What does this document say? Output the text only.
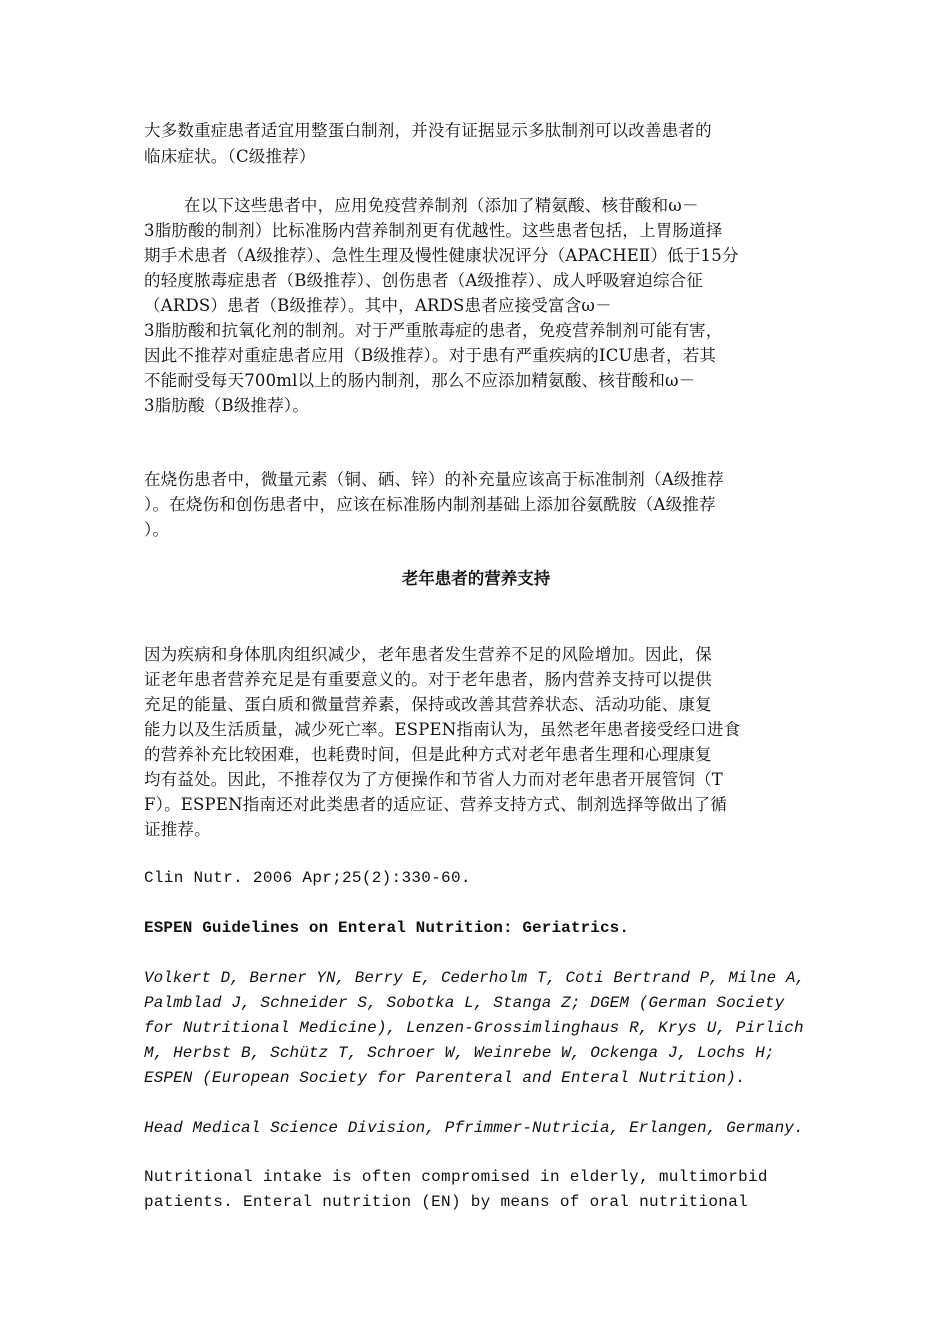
大多数重症患者适宜用整蛋白制剂，并没有证据显示多肽制剂可以改善患者的
临床症状。（C级推荐）
在以下这些患者中，应用免疫营养制剂（添加了精氨酸、核苷酸和ω－
3脂肪酸的制剂）比标准肠内营养制剂更有优越性。这些患者包括，上胃肠道择
期手术患者（A级推荐）、急性生理及慢性健康状况评分（APACHEⅡ）低于15分
的轻度脓毒症患者（B级推荐）、创伤患者（A级推荐）、成人呼吸窘迫综合征
（ARDS）患者（B级推荐）。其中，ARDS患者应接受富含ω－
3脂肪酸和抗氧化剂的制剂。对于严重脓毒症的患者，免疫营养制剂可能有害，
因此不推荐对重症患者应用（B级推荐）。对于患有严重疾病的ICU患者，若其
不能耐受每天700ml以上的肠内制剂，那么不应添加精氨酸、核苷酸和ω－
3脂肪酸（B级推荐）。
在烧伤患者中，微量元素（铜、硒、锌）的补充量应该高于标准制剂（A级推荐
）。在烧伤和创伤患者中，应该在标准肠内制剂基础上添加谷氨酰胺（A级推荐
）。
老年患者的营养支持
因为疾病和身体肌肉组织减少，老年患者发生营养不足的风险增加。因此，保
证老年患者营养充足是有重要意义的。对于老年患者，肠内营养支持可以提供
充足的能量、蛋白质和微量营养素，保持或改善其营养状态、活动功能、康复
能力以及生活质量，减少死亡率。ESPEN指南认为，虽然老年患者接受经口进食
的营养补充比较困难，也耗费时间，但是此种方式对老年患者生理和心理康复
均有益处。因此，不推荐仅为了方便操作和节省人力而对老年患者开展管饲（T
F）。ESPEN指南还对此类患者的适应证、营养支持方式、制剂选择等做出了循
证推荐。
Clin Nutr. 2006 Apr;25(2):330-60.
ESPEN Guidelines on Enteral Nutrition: Geriatrics.
Volkert D, Berner YN, Berry E, Cederholm T, Coti Bertrand P, Milne A,
Palmblad J, Schneider S, Sobotka L, Stanga Z; DGEM (German Society
for Nutritional Medicine), Lenzen-Grossimlinghaus R, Krys U, Pirlich
M, Herbst B, Schütz T, Schroer W, Weinrebe W, Ockenga J, Lochs H;
ESPEN (European Society for Parenteral and Enteral Nutrition).
Head Medical Science Division, Pfrimmer-Nutricia, Erlangen, Germany.
Nutritional intake is often compromised in elderly, multimorbid
patients. Enteral nutrition (EN) by means of oral nutritional
